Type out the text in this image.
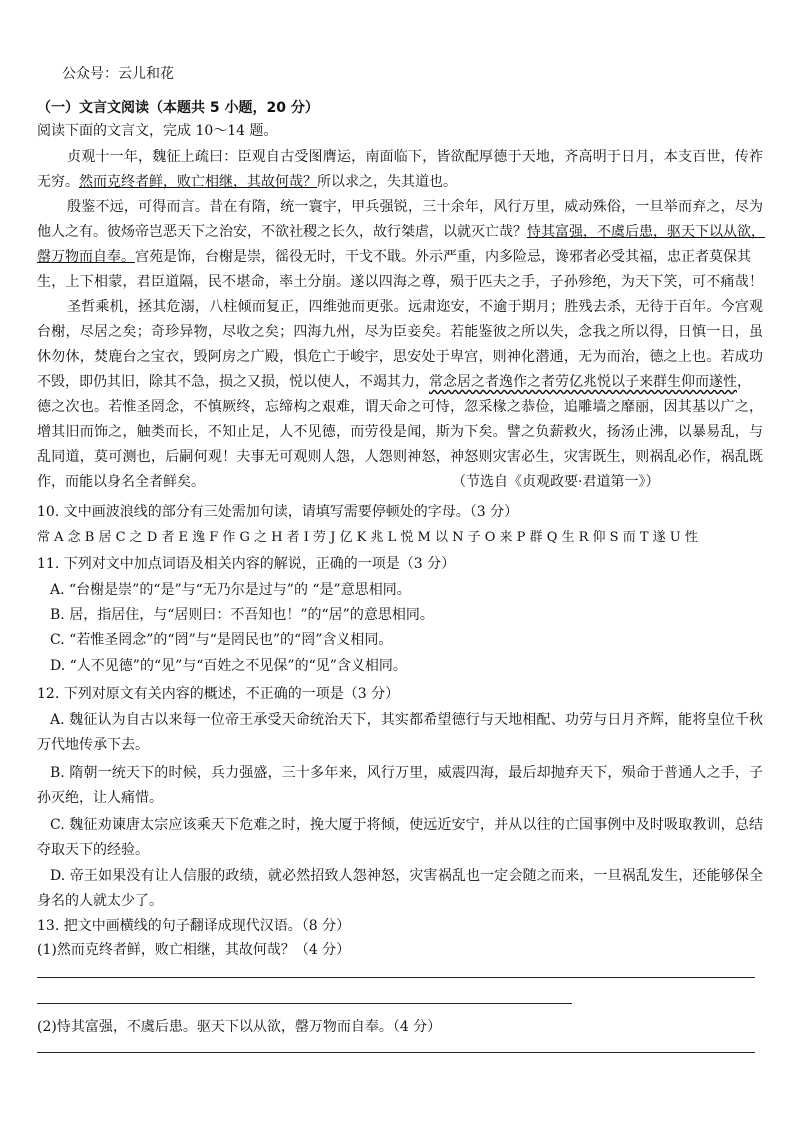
公众号：云儿和花
（一）文言文阅读（本题共 5 小题，20 分）
阅读下面的文言文，完成 10～14 题。
贞观十一年，魏征上疏曰：臣观自古受图膺运，南面临下，皆欲配厚德于天地，齐高明于日月，本支百世，传祚
无穷。然而克终者鲜，败亡相继，其故何哉？所以求之，失其道也。
殷鉴不远，可得而言。昔在有隋，统一寰宇，甲兵强锐，三十余年，风行万里，威动殊俗，一旦举而弃之，尽为
他人之有。彼炀帝岂恶天下之治安，不欲社稷之长久，故行桀虐，以就灭亡哉？恃其富强，不虞后患，驱天下以从欲，
罄万物而自奉。宫苑是饰，台榭是崇，徭役无时，干戈不戢。外示严重，内多险忌，谗邪者必受其福，忠正者莫保其
生，上下相蒙，君臣道隔，民不堪命，率土分崩。遂以四海之尊，殒于匹夫之手，子孙殄绝，为天下笑，可不痛哉！
圣哲乘机，拯其危溺，八柱倾而复正，四维弛而更张。远肃迩安，不逾于期月；胜残去杀，无待于百年。今宫观
台榭，尽居之矣；奇珍异物，尽收之矣；四海九州，尽为臣妾矣。若能鉴彼之所以失，念我之所以得，日慎一日，虽
休勿休，焚鹿台之宝衣，毁阿房之广殿，惧危亡于峻宇，思安处于卑宫，则神化潜通，无为而治，德之上也。若成功
不毁，即仍其旧，除其不急，损之又损，悦以使人，不竭其力，常念居之者逸作之者劳亿兆悦以子来群生仰而遂性，
德之次也。若惟圣罔念，不慎厥终，忘缔构之艰难，谓天命之可恃，忽采椽之恭俭，追雕墙之靡丽，因其基以广之，
增其旧而饰之，触类而长，不知止足，人不见德，而劳役是闻，斯为下矣。譬之负薪救火，扬汤止沸，以暴易乱，与
乱同道，莫可测也，后嗣何观！夫事无可观则人怨，人怨则神怒，神怒则灾害必生，灾害既生，则祸乱必作，祸乱既
作，而能以身名全者鲜矣。	（节选自《贞观政要·君道第一》）
10. 文中画波浪线的部分有三处需加句读，请填写需要停顿处的字母。（3 分）
常 A 念 B 居 C 之 D 者 E 逸 F 作 G 之 H 者 I 劳 J 亿 K 兆 L 悦 M 以 N 子 O 来 P 群 Q 生 R 仰 S 而 T 遂 U 性
11. 下列对文中加点词语及相关内容的解说，正确的一项是（3 分）
A. “台榭是崇”的“是”与“无乃尔是过与”的 “是”意思相同。
B. 居，指居住，与“居则曰：不吾知也！”的“居”的意思相同。
C. “若惟圣罔念”的“罔”与“是罔民也”的“罔”含义相同。
D. “人不见德”的“见”与“百姓之不见保”的“见”含义相同。
12. 下列对原文有关内容的概述，不正确的一项是（3 分）
A. 魏征认为自古以来每一位帝王承受天命统治天下，其实都希望德行与天地相配、功劳与日月齐辉，能将皇位千秋
万代地传承下去。
B. 隋朝一统天下的时候，兵力强盛，三十多年来，风行万里，威震四海，最后却抛弃天下，殒命于普通人之手，子
孙灭绝，让人痛惜。
C. 魏征劝谏唐太宗应该乘天下危难之时，挽大厦于将倾，使远近安宁，并从以往的亡国事例中及时吸取教训，总结
夺取天下的经验。
D. 帝王如果没有让人信服的政绩，就必然招致人怨神怒，灾害祸乱也一定会随之而来，一旦祸乱发生，还能够保全
身名的人就太少了。
13. 把文中画横线的句子翻译成现代汉语。（8 分）
(1)然而克终者鲜，败亡相继，其故何哉？（4 分）
(2)恃其富强，不虞后患。驱天下以从欲，罄万物而自奉。（4 分）
